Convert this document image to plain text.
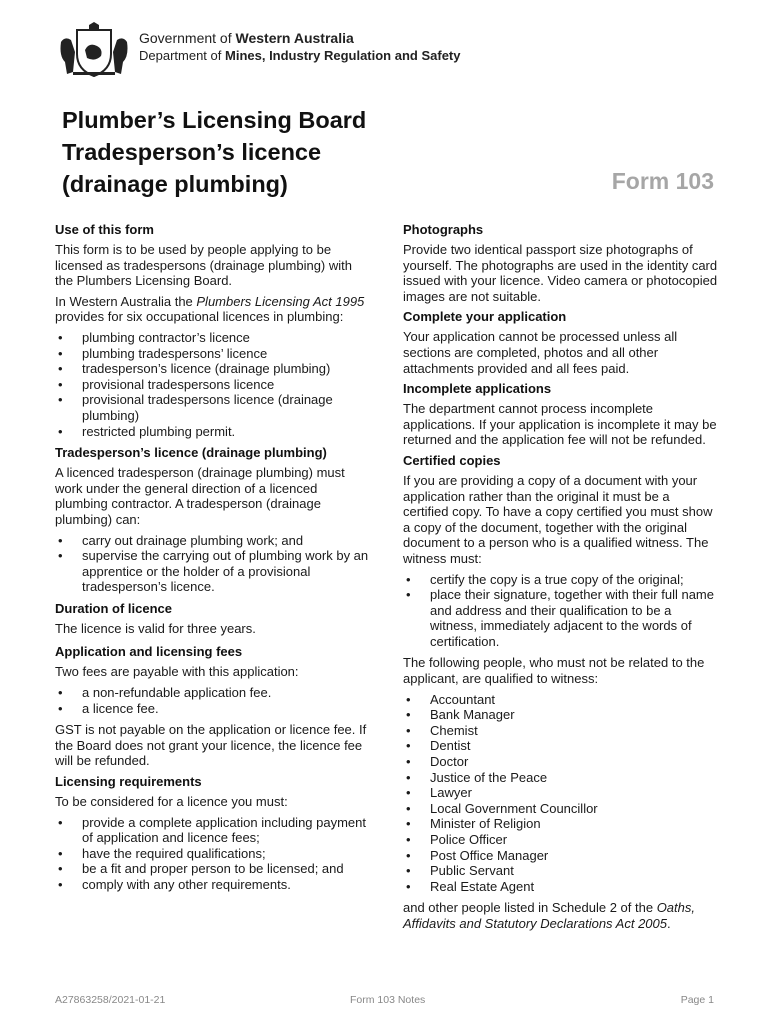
Government of Western Australia
Department of Mines, Industry Regulation and Safety
Plumber’s Licensing Board
Tradesperson’s licence
(drainage plumbing)	Form 103
Use of this form

This form is to be used by people applying to be licensed as tradespersons (drainage plumbing) with the Plumbers Licensing Board.

In Western Australia the Plumbers Licensing Act 1995 provides for six occupational licences in plumbing:

• plumbing contractor’s licence
• plumbing tradespersons’ licence
• tradesperson’s licence (drainage plumbing)
• provisional tradespersons licence
• provisional tradespersons licence (drainage plumbing)
• restricted plumbing permit.
Tradesperson’s licence (drainage plumbing)

A licenced tradesperson (drainage plumbing) must work under the general direction of a licenced plumbing contractor. A tradesperson (drainage plumbing) can:

• carry out drainage plumbing work; and
• supervise the carrying out of plumbing work by an apprentice or the holder of a provisional tradesperson’s licence.
Duration of licence

The licence is valid for three years.

Application and licensing fees

Two fees are payable with this application:

• a non-refundable application fee.
• a licence fee.

GST is not payable on the application or licence fee. If the Board does not grant your licence, the licence fee will be refunded.

Licensing requirements

To be considered for a licence you must:

• provide a complete application including payment of application and licence fees;
• have the required qualifications;
• be a fit and proper person to be licensed; and
• comply with any other requirements.
Photographs

Provide two identical passport size photographs of yourself. The photographs are used in the identity card issued with your licence. Video camera or photocopied images are not suitable.

Complete your application

Your application cannot be processed unless all sections are completed, photos and all other attachments provided and all fees paid.

Incomplete applications

The department cannot process incomplete applications. If your application is incomplete it may be returned and the application fee will not be refunded.

Certified copies

If you are providing a copy of a document with your application rather than the original it must be a certified copy. To have a copy certified you must show a copy of the document, together with the original document to a person who is a qualified witness. The witness must:

• certify the copy is a true copy of the original;
• place their signature, together with their full name and address and their qualification to be a witness, immediately adjacent to the words of certification.

The following people, who must not be related to the applicant, are qualified to witness:

• Accountant
• Bank Manager
• Chemist
• Dentist
• Doctor
• Justice of the Peace
• Lawyer
• Local Government Councillor
• Minister of Religion
• Police Officer
• Post Office Manager
• Public Servant
• Real Estate Agent

and other people listed in Schedule 2 of the Oaths, Affidavits and Statutory Declarations Act 2005.

A27863258/2021-01-21	Form 103 Notes	Page 1
